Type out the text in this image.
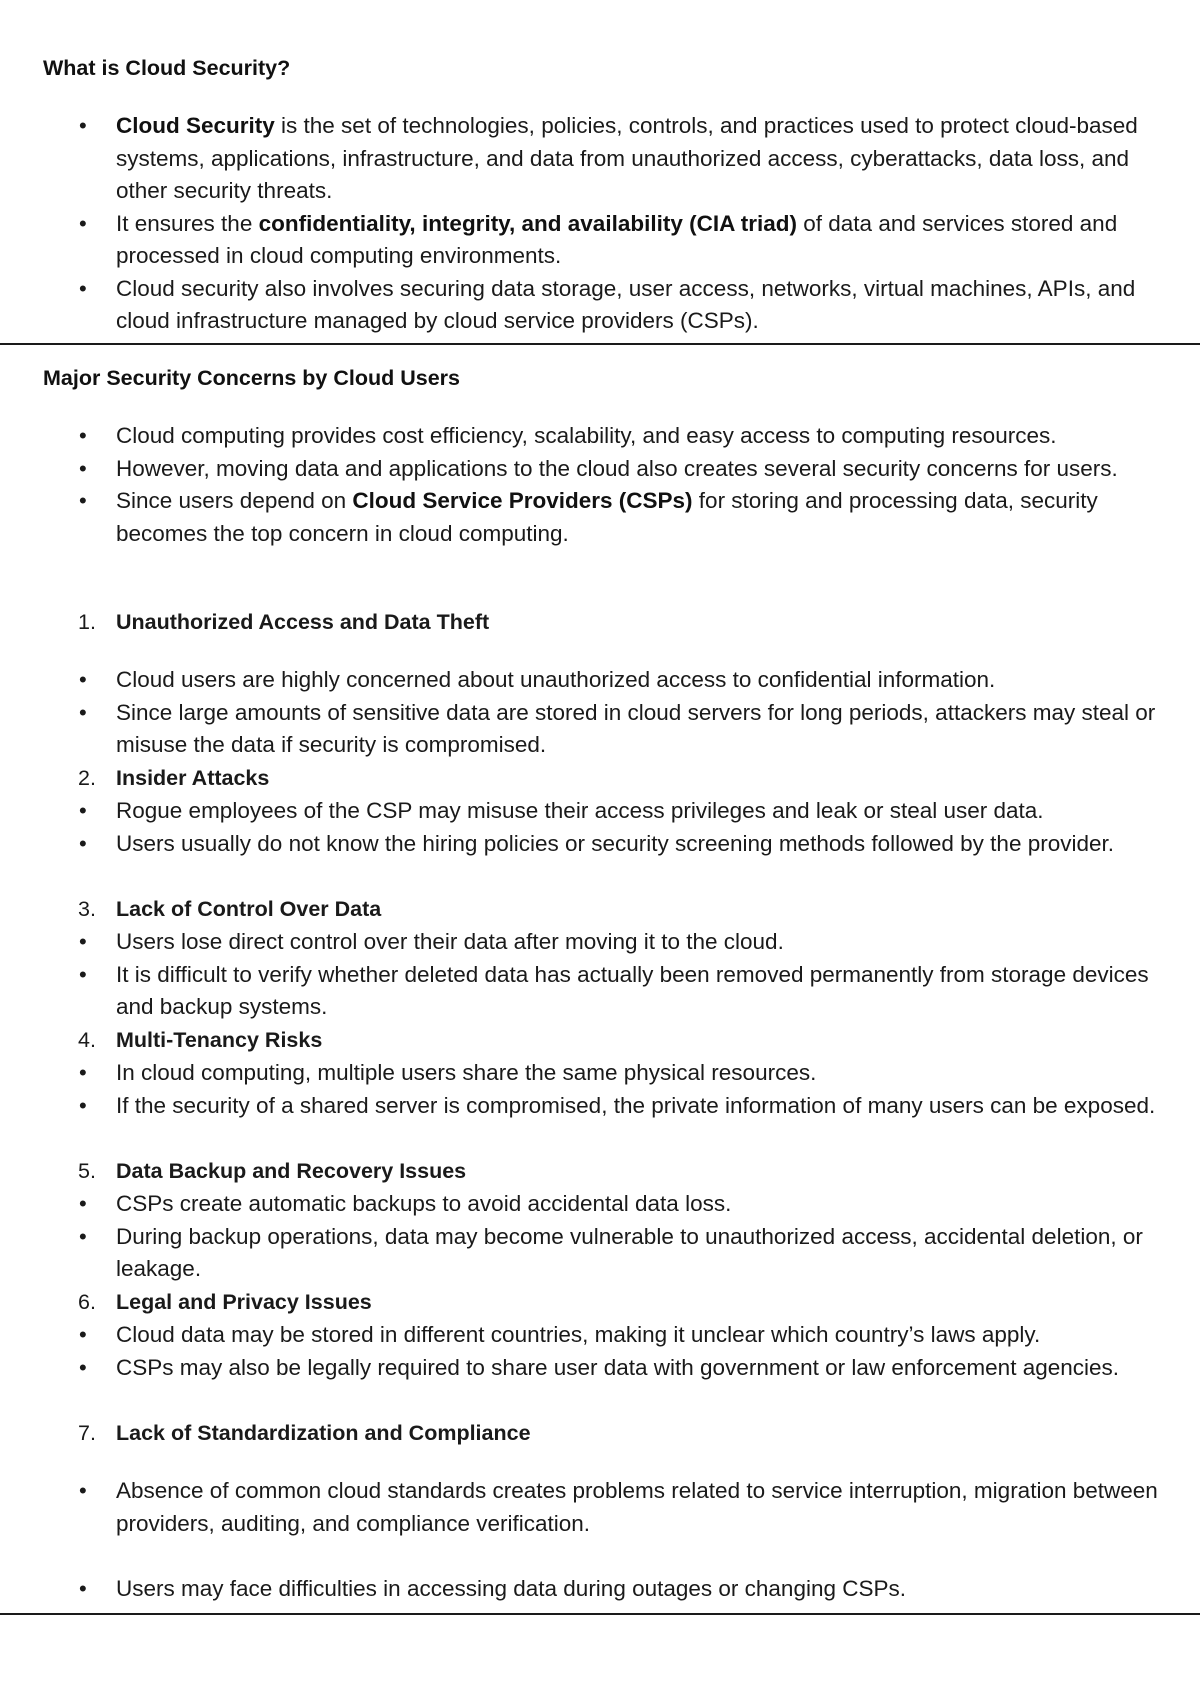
What is Cloud Security?
• Cloud Security is the set of technologies, policies, controls, and practices used to protect cloud-based systems, applications, infrastructure, and data from unauthorized access, cyberattacks, data loss, and other security threats.
• It ensures the confidentiality, integrity, and availability (CIA triad) of data and services stored and processed in cloud computing environments.
• Cloud security also involves securing data storage, user access, networks, virtual machines, APIs, and cloud infrastructure managed by cloud service providers (CSPs).
Major Security Concerns by Cloud Users
• Cloud computing provides cost efficiency, scalability, and easy access to computing resources.
• However, moving data and applications to the cloud also creates several security concerns for users.
• Since users depend on Cloud Service Providers (CSPs) for storing and processing data, security becomes the top concern in cloud computing.
1. Unauthorized Access and Data Theft
• Cloud users are highly concerned about unauthorized access to confidential information.
• Since large amounts of sensitive data are stored in cloud servers for long periods, attackers may steal or misuse the data if security is compromised.
2. Insider Attacks
• Rogue employees of the CSP may misuse their access privileges and leak or steal user data.
• Users usually do not know the hiring policies or security screening methods followed by the provider.
3. Lack of Control Over Data
• Users lose direct control over their data after moving it to the cloud.
• It is difficult to verify whether deleted data has actually been removed permanently from storage devices and backup systems.
4. Multi-Tenancy Risks
• In cloud computing, multiple users share the same physical resources.
• If the security of a shared server is compromised, the private information of many users can be exposed.
5. Data Backup and Recovery Issues
• CSPs create automatic backups to avoid accidental data loss.
• During backup operations, data may become vulnerable to unauthorized access, accidental deletion, or leakage.
6. Legal and Privacy Issues
• Cloud data may be stored in different countries, making it unclear which country’s laws apply.
• CSPs may also be legally required to share user data with government or law enforcement agencies.
7. Lack of Standardization and Compliance
• Absence of common cloud standards creates problems related to service interruption, migration between providers, auditing, and compliance verification.
• Users may face difficulties in accessing data during outages or changing CSPs.
